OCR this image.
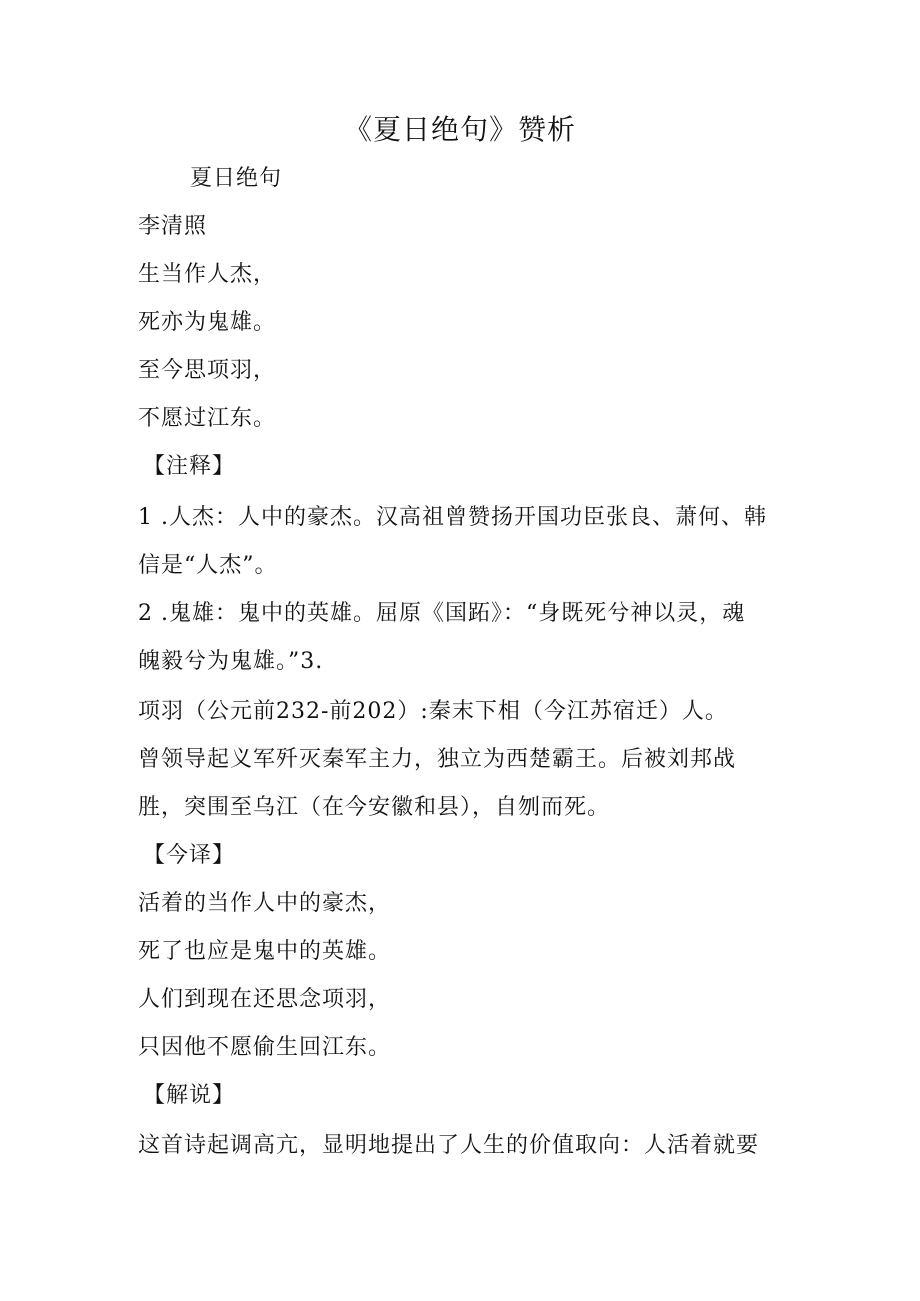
《夏日绝句》赞析
夏日绝句
李清照
生当作人杰，
死亦为鬼雄。
至今思项羽，
不愿过江东。
【注释】
1 .人杰：人中的豪杰。汉高祖曾赞扬开国功臣张良、萧何、韩
信是“人杰”。
2 .鬼雄：鬼中的英雄。屈原《国跖》：“身既死兮神以灵，魂
魄毅兮为鬼雄。”3.
项羽（公元前232-前202）:秦末下相（今江苏宿迁）人。
曾领导起义军歼灭秦军主力，独立为西楚霸王。后被刘邦战
胜，突围至乌江（在今安徽和县），自刎而死。
【今译】
活着的当作人中的豪杰，
死了也应是鬼中的英雄。
人们到现在还思念项羽，
只因他不愿偷生回江东。
【解说】
这首诗起调高亢，显明地提出了人生的价值取向：人活着就要
